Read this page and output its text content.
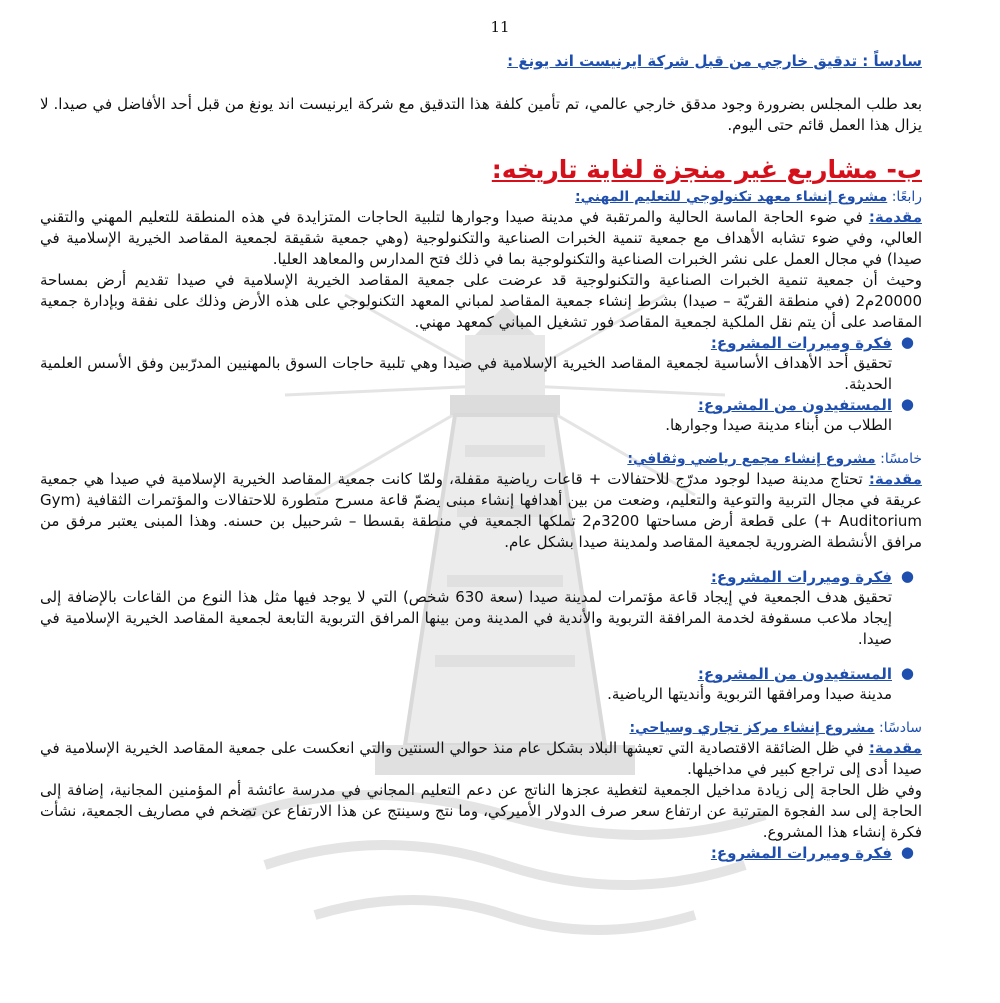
11

سادساً : تدقيق خارجي من قبل شركة ايرنيست اند يونغ :

بعد طلب المجلس بضرورة وجود مدقق خارجي عالمي، تم تأمين كلفة هذا التدقيق مع شركة ايرنيست اند يونغ من قبل أحد الأفاضل في صيدا. لا يزال هذا العمل قائم حتى اليوم.

ب- مشاريع غير منجزة لغاية تاريخه:

رابعًا: مشروع إنشاء معهد تكنولوجي للتعليم المهني:

مقدمة: في ضوء الحاجة الماسة الحالية والمرتقبة في مدينة صيدا وجوارها لتلبية الحاجات المتزايدة في هذه المنطقة للتعليم المهني والتقني العالي، وفي ضوء تشابه الأهداف مع جمعية تنمية الخبرات الصناعية والتكنولوجية (وهي جمعية شقيقة لجمعية المقاصد الخيرية الإسلامية في صيدا) في مجال العمل على نشر الخبرات الصناعية والتكنولوجية بما في ذلك فتح المدارس والمعاهد العليا.

وحيث أن جمعية تنمية الخبرات الصناعية والتكنولوجية قد عرضت على جمعية المقاصد الخيرية الإسلامية في صيدا تقديم أرض بمساحة 20000م2 (في منطقة القريّة – صيدا) بشرط إنشاء جمعية المقاصد لمباني المعهد التكنولوجي على هذه الأرض وذلك على نفقة وبإدارة جمعية المقاصد على أن يتم نقل الملكية لجمعية المقاصد فور تشغيل المباني كمعهد مهني.

●

فكرة وميررات المشروع:

تحقيق أحد الأهداف الأساسية لجمعية المقاصد الخيرية الإسلامية في صيدا وهي تلبية حاجات السوق بالمهنيين المدرّبين وفق الأسس العلمية الحديثة.

●

المستفيدون من المشروع:

الطلاب من أبناء مدينة صيدا وجوارها.

خامسًا: مشروع إنشاء مجمع رياضي وثقافي:

مقدمة: تحتاج مدينة صيدا لوجود مدرّج للاحتفالات + قاعات رياضية مقفلة، ولمّا كانت جمعية المقاصد الخيرية الإسلامية في صيدا هي جمعية عريقة في مجال التربية والتوعية والتعليم، وضعت من بين أهدافها إنشاء مبنى يضمّ قاعة مسرح متطورة للاحتفالات والمؤتمرات الثقافية (Gym + Auditorium) على قطعة أرض مساحتها 3200م2 تملكها الجمعية في منطقة بقسطا – شرحبيل بن حسنه. وهذا المبنى يعتبر مرفق من مرافق الأنشطة الضرورية لجمعية المقاصد ولمدينة صيدا بشكل عام.

●

فكرة وميررات المشروع:

تحقيق هدف الجمعية في إيجاد قاعة مؤتمرات لمدينة صيدا (سعة 630 شخص) التي لا يوجد فيها مثل هذا النوع من القاعات بالإضافة إلى إيجاد ملاعب مسقوفة لخدمة المرافقة التربوية والأندية في المدينة ومن بينها المرافق التربوية التابعة لجمعية المقاصد الخيرية الإسلامية في صيدا.

●

المستفيدون من المشروع:

مدينة صيدا ومرافقها التربوية وأنديتها الرياضية.

سادسًا: مشروع إنشاء مركز تجاري وسياحي:

مقدمة: في ظل الضائقة الاقتصادية التي تعيشها البلاد بشكل عام منذ حوالي السنتين والتي انعكست على جمعية المقاصد الخيرية الإسلامية في صيدا أدى إلى تراجع كبير في مداخيلها.

وفي ظل الحاجة إلى زيادة مداخيل الجمعية لتغطية عجزها الناتج عن دعم التعليم المجاني في مدرسة عائشة أم المؤمنين المجانية، إضافة إلى الحاجة إلى سد الفجوة المترتبة عن ارتفاع سعر صرف الدولار الأميركي، وما نتج وسينتج عن هذا الارتفاع عن تضخم في مصاريف الجمعية، نشأت فكرة إنشاء هذا المشروع.

●

فكرة وميررات المشروع:
